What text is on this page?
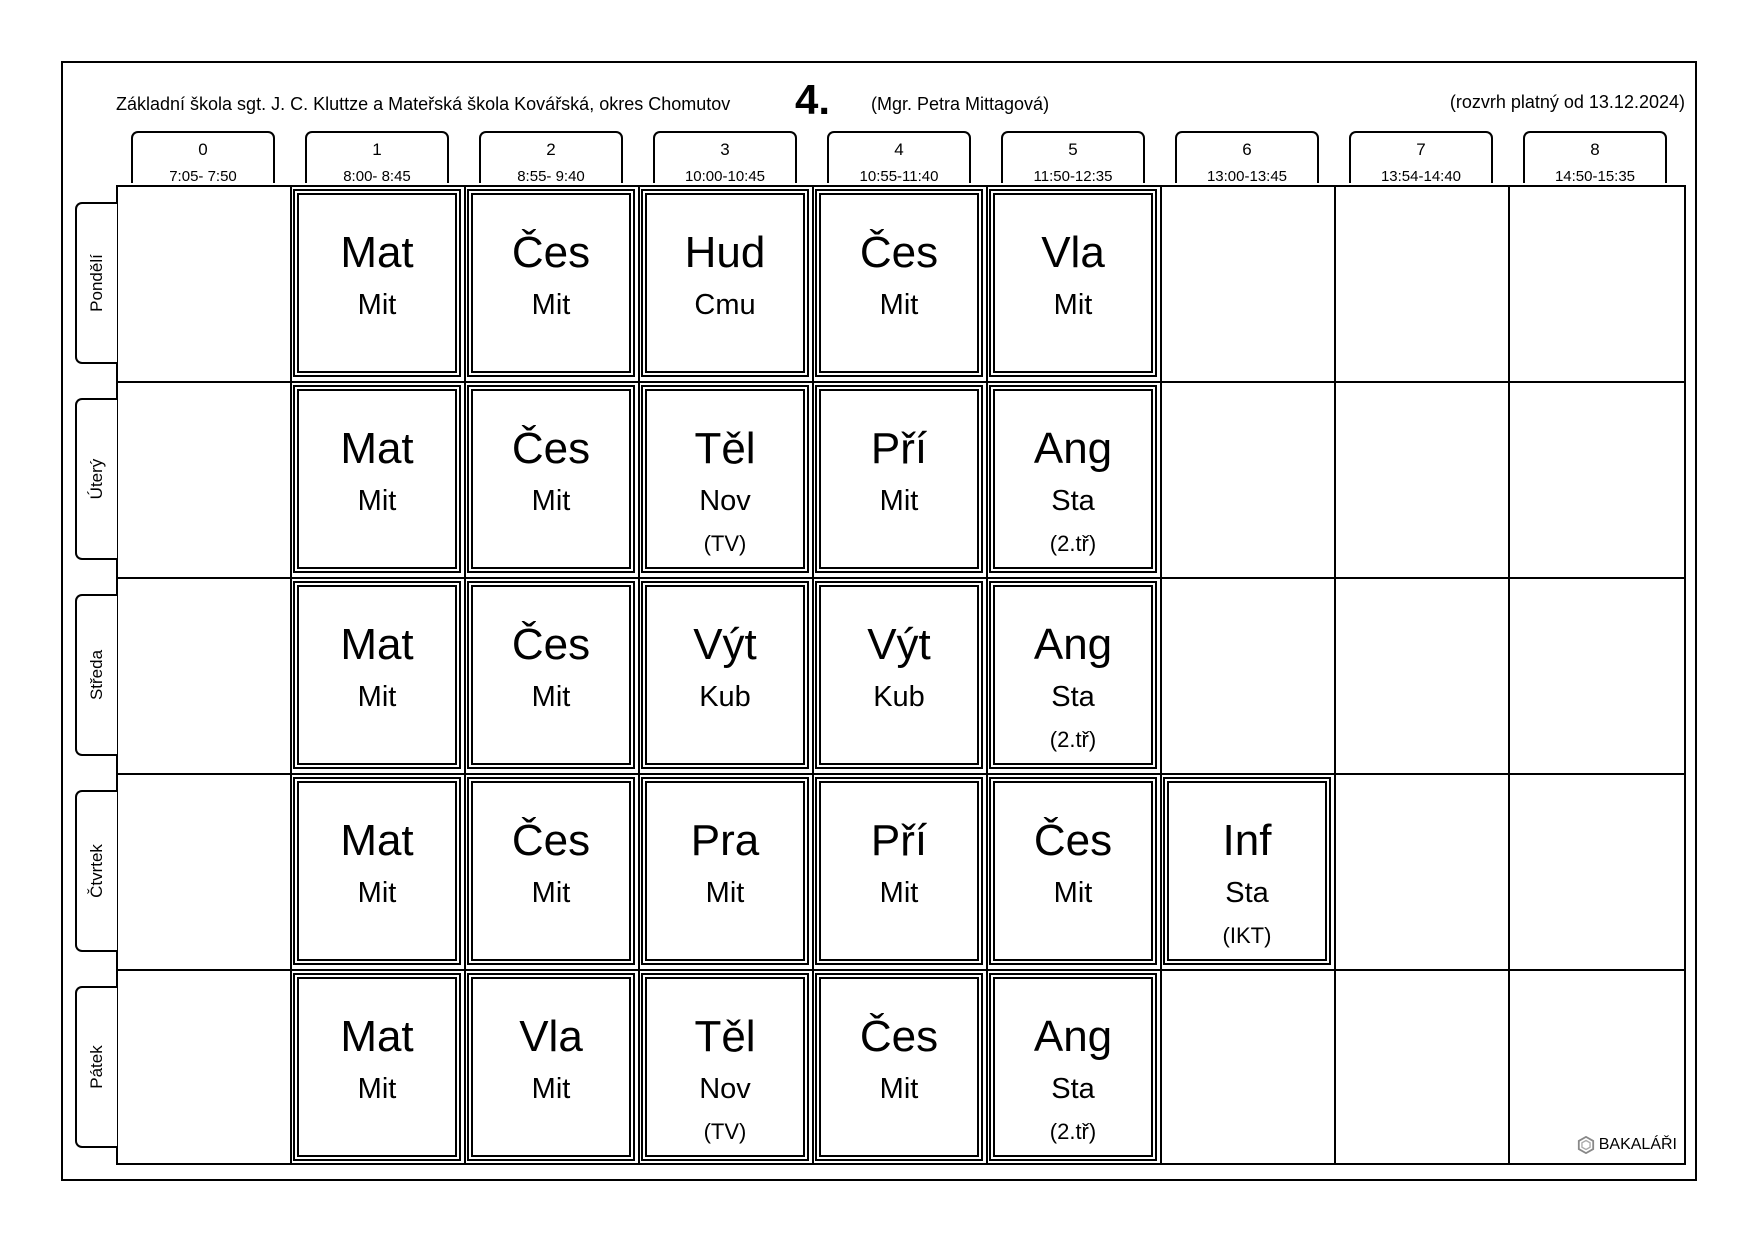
Základní škola sgt. J. C. Kluttze a Mateřská škola Kovářská, okres Chomutov 4. (Mgr. Petra Mittagová)	(rozvrh platný od 13.12.2024)
0
7:05- 7:50
1
8:00- 8:45
2
8:55- 9:40
3
10:00-10:45
4
10:55-11:40
5
11:50-12:35
6
13:00-13:45
7
13:54-14:40
8
14:50-15:35
Pondělí
Úterý
Středa
Čtvrtek
Pátek
Mat
Mit
Čes
Mit
Hud
Cmu
Čes
Mit
Vla
Mit
Mat
Mit
Čes
Mit
Těl
Nov
(TV)
Pří
Mit
Ang
Sta
(2.tř)
Mat
Mit
Čes
Mit
Výt
Kub
Výt
Kub
Ang
Sta
(2.tř)
Mat
Mit
Čes
Mit
Pra
Mit
Pří
Mit
Čes
Mit
Inf
Sta
(IKT)
Mat
Mit
Vla
Mit
Těl
Nov
(TV)
Čes
Mit
Ang
Sta
(2.tř)
BAKALÁŘI
